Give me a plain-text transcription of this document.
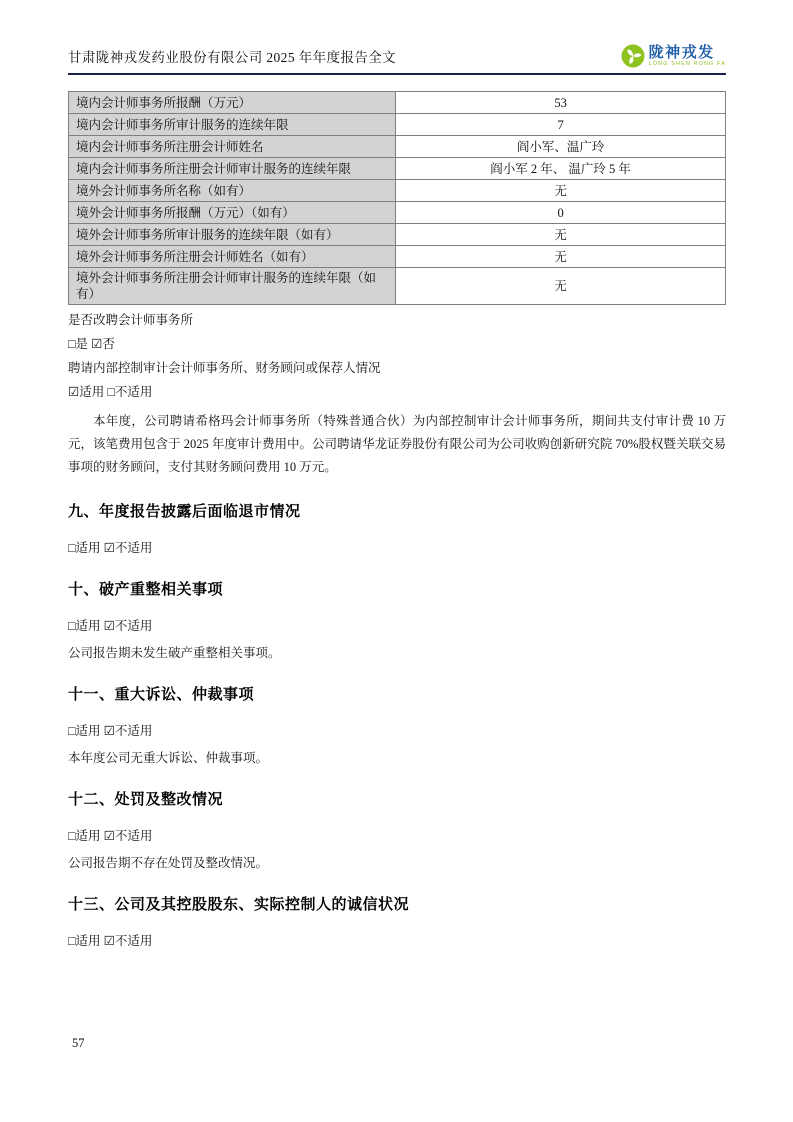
甘肃陇神戎发药业股份有限公司 2025 年年度报告全文	陇神戎发
LONG SHEN RONG FA
境内会计师事务所报酬（万元）	53
境内会计师事务所审计服务的连续年限	7
境内会计师事务所注册会计师姓名	阎小军、温广玲
境内会计师事务所注册会计师审计服务的连续年限	阎小军 2 年、 温广玲 5 年
境外会计师事务所名称（如有）	无
境外会计师事务所报酬（万元）（如有）	0
境外会计师事务所审计服务的连续年限（如有）	无
境外会计师事务所注册会计师姓名（如有）	无
境外会计师事务所注册会计师审计服务的连续年限（如有）	无

是否改聘会计师事务所

□是 ☑否

聘请内部控制审计会计师事务所、财务顾问或保荐人情况

☑适用 □不适用

本年度，公司聘请希格玛会计师事务所（特殊普通合伙）为内部控制审计会计师事务所，期间共支付审计费 10 万元，该笔费用包含于 2025 年度审计费用中。公司聘请华龙证券股份有限公司为公司收购创新研究院 70%股权暨关联交易事项的财务顾问，支付其财务顾问费用 10 万元。

九、年度报告披露后面临退市情况

□适用 ☑不适用

十、破产重整相关事项

□适用 ☑不适用

公司报告期未发生破产重整相关事项。

十一、重大诉讼、仲裁事项

□适用 ☑不适用

本年度公司无重大诉讼、仲裁事项。

十二、处罚及整改情况

□适用 ☑不适用

公司报告期不存在处罚及整改情况。

十三、公司及其控股股东、实际控制人的诚信状况

□适用 ☑不适用

57
